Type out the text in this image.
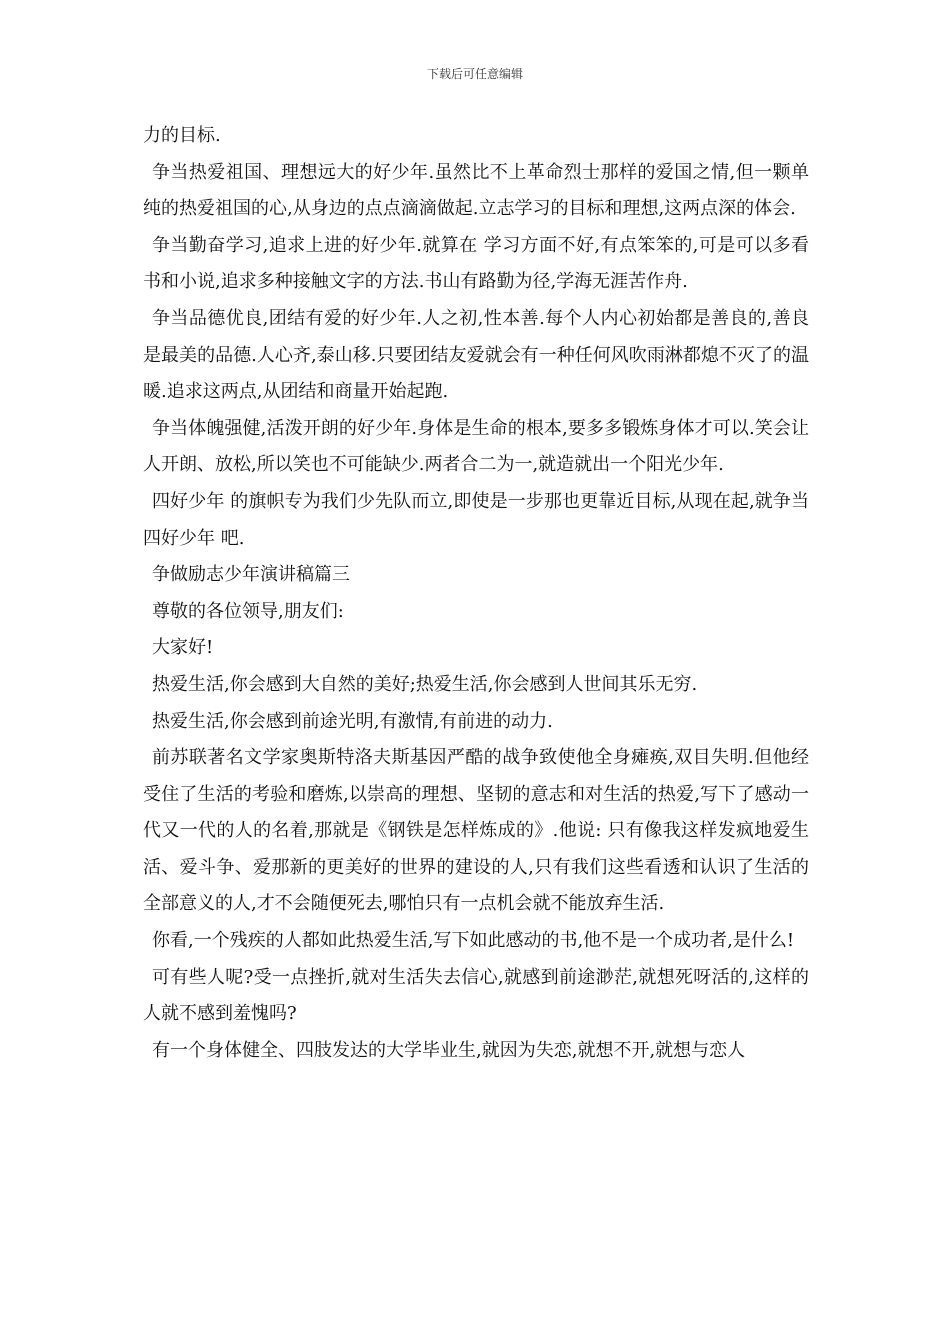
下载后可任意编辑

力的目标.

争当热爱祖国、理想远大的好少年.虽然比不上革命烈士那样的爱国之情,但一颗单纯的热爱祖国的心,从身边的点点滴滴做起.立志学习的目标和理想,这两点深的体会.

争当勤奋学习,追求上进的好少年.就算在 学习方面不好,有点笨笨的,可是可以多看书和小说,追求多种接触文字的方法.书山有路勤为径,学海无涯苦作舟.

争当品德优良,团结有爱的好少年.人之初,性本善.每个人内心初始都是善良的,善良是最美的品德.人心齐,泰山移.只要团结友爱就会有一种任何风吹雨淋都熄不灭了的温暖.追求这两点,从团结和商量开始起跑.

争当体魄强健,活泼开朗的好少年.身体是生命的根本,要多多锻炼身体才可以.笑会让人开朗、放松,所以笑也不可能缺少.两者合二为一,就造就出一个阳光少年.

四好少年 的旗帜专为我们少先队而立,即使是一步那也更靠近目标,从现在起,就争当 四好少年 吧.

争做励志少年演讲稿篇三

尊敬的各位领导,朋友们:

大家好!

热爱生活,你会感到大自然的美好;热爱生活,你会感到人世间其乐无穷.

热爱生活,你会感到前途光明,有激情,有前进的动力.

前苏联著名文学家奥斯特洛夫斯基因严酷的战争致使他全身瘫痪,双目失明.但他经受住了生活的考验和磨炼,以崇高的理想、坚韧的意志和对生活的热爱,写下了感动一代又一代的人的名着,那就是《钢铁是怎样炼成的》.他说: 只有像我这样发疯地爱生活、爱斗争、爱那新的更美好的世界的建设的人,只有我们这些看透和认识了生活的全部意义的人,才不会随便死去,哪怕只有一点机会就不能放弃生活.

你看,一个残疾的人都如此热爱生活,写下如此感动的书,他不是一个成功者,是什么!

可有些人呢?受一点挫折,就对生活失去信心,就感到前途渺茫,就想死呀活的,这样的人就不感到羞愧吗?

有一个身体健全、四肢发达的大学毕业生,就因为失恋,就想不开,就想与恋人
